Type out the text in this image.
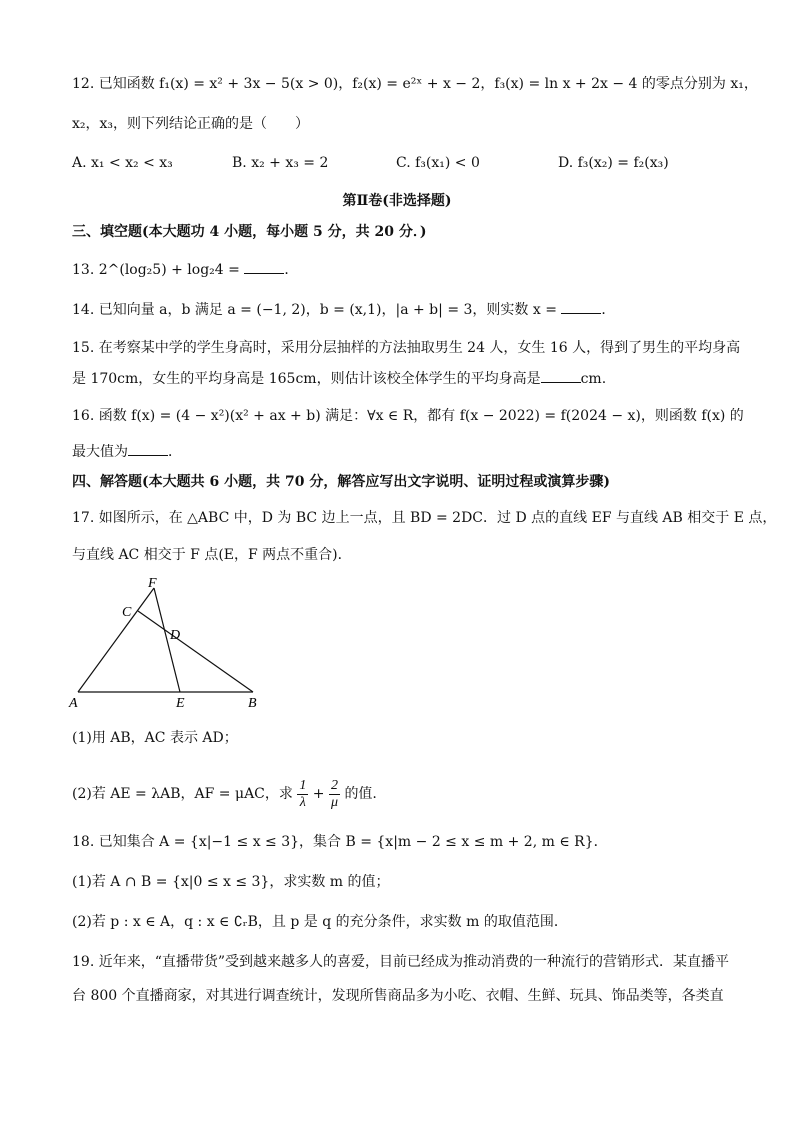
12. 已知函数 f₁(x) = x² + 3x − 5(x > 0)，f₂(x) = e²ˣ + x − 2，f₃(x) = ln x + 2x − 4 的零点分别为 x₁，
x₂，x₃，则下列结论正确的是（　　）
A. x₁ < x₂ < x₃	B. x₂ + x₃ = 2	C. f₃(x₁) < 0	D. f₃(x₂) = f₂(x₃)
第Ⅱ卷(非选择题)
三、填空题(本大题功 4 小题，每小题 5 分，共 20 分．)
13. 2^(log₂5) + log₂4 =	．
14. 已知向量 a，b 满足 a = (−1, 2)，b = (x,1)，|a + b| = 3，则实数 x =	．
15. 在考察某中学的学生身高时，采用分层抽样的方法抽取男生 24 人，女生 16 人，得到了男生的平均身高
是 170cm，女生的平均身高是 165cm，则估计该校全体学生的平均身高是	cm.
16. 函数 f(x) = (4 − x²)(x² + ax + b) 满足：∀x ∈ R，都有 f(x − 2022) = f(2024 − x)，则函数 f(x) 的
最大值为	．
四、解答题(本大题共 6 小题，共 70 分，解答应写出文字说明、证明过程或演算步骤)
17. 如图所示，在 △ABC 中，D 为 BC 边上一点，且 BD = 2DC．过 D 点的直线 EF 与直线 AB 相交于 E 点，
与直线 AC 相交于 F 点(E，F 两点不重合)．
A	B
C
D
E
F
(1)用 AB，AC 表示 AD；
(2)若 AE = λAB，AF = μAC，求 $\frac{1}{\lambda} + \frac{2}{\mu}$ 的值.
18. 已知集合 A = {x|−1 ≤ x ≤ 3}，集合 B = {x|m − 2 ≤ x ≤ m + 2, m ∈ R}．
(1)若 A ∩ B = {x|0 ≤ x ≤ 3}，求实数 m 的值；
(2)若 p : x ∈ A，q : x ∈ ∁ᵣB，且 p 是 q 的充分条件，求实数 m 的取值范围．
19. 近年来，“直播带货”受到越来越多人的喜爱，目前已经成为推动消费的一种流行的营销形式．某直播平
台 800 个直播商家，对其进行调查统计，发现所售商品多为小吃、衣帽、生鲜、玩具、饰品类等，各类直
